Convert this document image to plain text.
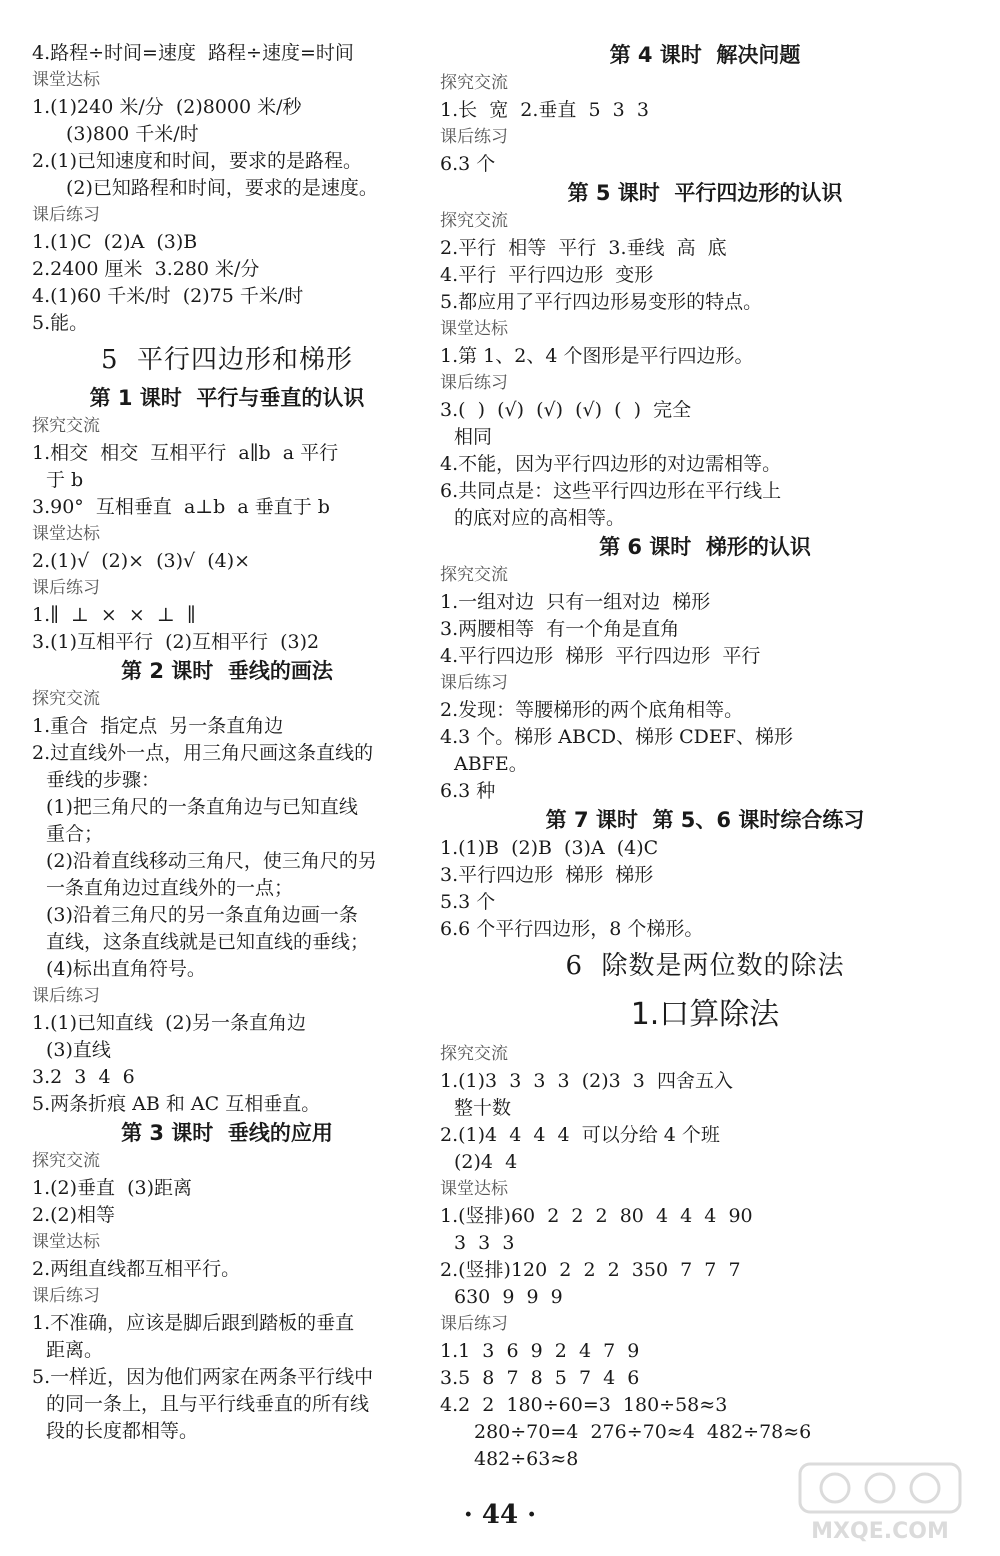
4.路程÷时间=速度  路程÷速度=时间
课堂达标
1.(1)240 米/分  (2)8000 米/秒
(3)800 千米/时
2.(1)已知速度和时间，要求的是路程。
(2)已知路程和时间，要求的是速度。
课后练习
1.(1)C  (2)A  (3)B
2.2400 厘米  3.280 米/分
4.(1)60 千米/时  (2)75 千米/时
5.能。
5  平行四边形和梯形
第 1 课时  平行与垂直的认识
探究交流
1.相交  相交  互相平行  a∥b  a 平行
于 b
3.90°  互相垂直  a⊥b  a 垂直于 b
课堂达标
2.(1)√  (2)×  (3)√  (4)×
课后练习
1.∥  ⊥  ×  ×  ⊥  ∥
3.(1)互相平行  (2)互相平行  (3)2
第 2 课时  垂线的画法
探究交流
1.重合  指定点  另一条直角边
2.过直线外一点，用三角尺画这条直线的
垂线的步骤：
(1)把三角尺的一条直角边与已知直线
重合；
(2)沿着直线移动三角尺，使三角尺的另
一条直角边过直线外的一点；
(3)沿着三角尺的另一条直角边画一条
直线，这条直线就是已知直线的垂线；
(4)标出直角符号。
课后练习
1.(1)已知直线  (2)另一条直角边
(3)直线
3.2  3  4  6
5.两条折痕 AB 和 AC 互相垂直。
第 3 课时  垂线的应用
探究交流
1.(2)垂直  (3)距离
2.(2)相等
课堂达标
2.两组直线都互相平行。
课后练习
1.不准确，应该是脚后跟到踏板的垂直
距离。
5.一样近，因为他们两家在两条平行线中
的同一条上，且与平行线垂直的所有线
段的长度都相等。
第 4 课时  解决问题
探究交流
1.长  宽  2.垂直  5  3  3
课后练习
6.3 个
第 5 课时  平行四边形的认识
探究交流
2.平行  相等  平行  3.垂线  高  底
4.平行  平行四边形  变形
5.都应用了平行四边形易变形的特点。
课堂达标
1.第 1、2、4 个图形是平行四边形。
课后练习
3.(  )  (√)  (√)  (√)  (  )  完全
相同
4.不能，因为平行四边形的对边需相等。
6.共同点是：这些平行四边形在平行线上
的底对应的高相等。
第 6 课时  梯形的认识
探究交流
1.一组对边  只有一组对边  梯形
3.两腰相等  有一个角是直角
4.平行四边形  梯形  平行四边形  平行
课后练习
2.发现：等腰梯形的两个底角相等。
4.3 个。梯形 ABCD、梯形 CDEF、梯形
ABFE。
6.3 种
第 7 课时  第 5、6 课时综合练习
1.(1)B  (2)B  (3)A  (4)C
3.平行四边形  梯形  梯形
5.3 个
6.6 个平行四边形，8 个梯形。
6  除数是两位数的除法
1.口算除法
探究交流
1.(1)3  3  3  3  (2)3  3  四舍五入
整十数
2.(1)4  4  4  4  可以分给 4 个班
(2)4  4
课堂达标
1.(竖排)60  2  2  2  80  4  4  4  90
3  3  3
2.(竖排)120  2  2  2  350  7  7  7
630  9  9  9
课后练习
1.1  3  6  9  2  4  7  9
3.5  8  7  8  5  7  4  6
4.2  2  180÷60=3  180÷58≈3
280÷70=4  276÷70≈4  482÷78≈6
482÷63≈8
· 44 ·
MXQE.COM
